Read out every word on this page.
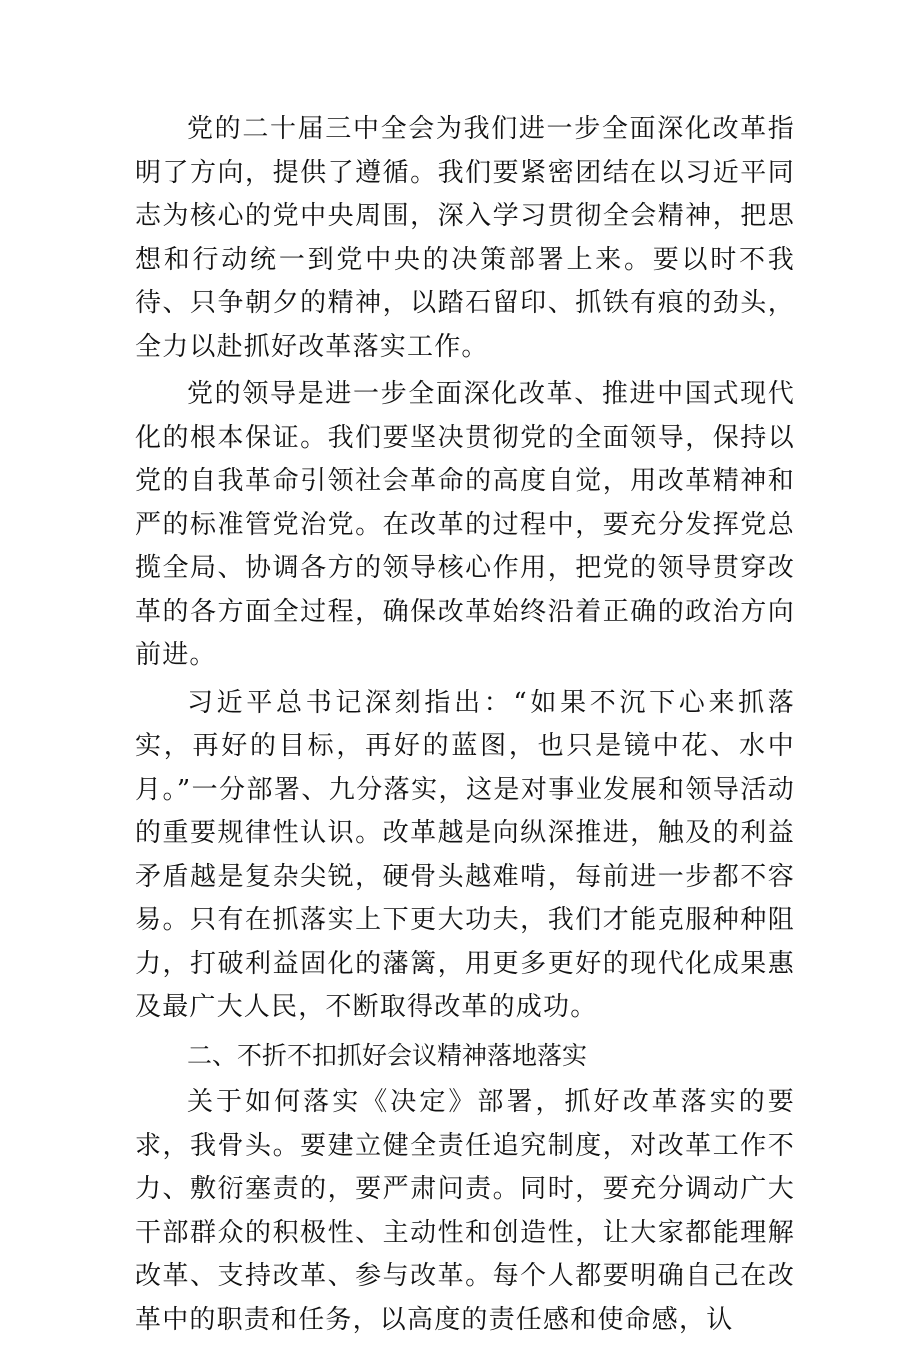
党的二十届三中全会为我们进一步全面深化改革指明了方向，提供了遵循。我们要紧密团结在以习近平同志为核心的党中央周围，深入学习贯彻全会精神，把思想和行动统一到党中央的决策部署上来。要以时不我待、只争朝夕的精神，以踏石留印、抓铁有痕的劲头，全力以赴抓好改革落实工作。

党的领导是进一步全面深化改革、推进中国式现代化的根本保证。我们要坚决贯彻党的全面领导，保持以党的自我革命引领社会革命的高度自觉，用改革精神和严的标准管党治党。在改革的过程中，要充分发挥党总揽全局、协调各方的领导核心作用，把党的领导贯穿改革的各方面全过程，确保改革始终沿着正确的政治方向前进。

习近平总书记深刻指出：“如果不沉下心来抓落实，再好的目标，再好的蓝图，也只是镜中花、水中月。”一分部署、九分落实，这是对事业发展和领导活动的重要规律性认识。改革越是向纵深推进，触及的利益矛盾越是复杂尖锐，硬骨头越难啃，每前进一步都不容易。只有在抓落实上下更大功夫，我们才能克服种种阻力，打破利益固化的藩篱，用更多更好的现代化成果惠及最广大人民，不断取得改革的成功。

二、不折不扣抓好会议精神落地落实

关于如何落实《决定》部署，抓好改革落实的要求，我骨头。要建立健全责任追究制度，对改革工作不力、敷衍塞责的，要严肃问责。同时，要充分调动广大干部群众的积极性、主动性和创造性，让大家都能理解改革、支持改革、参与改革。每个人都要明确自己在改革中的职责和任务，以高度的责任感和使命感，认
